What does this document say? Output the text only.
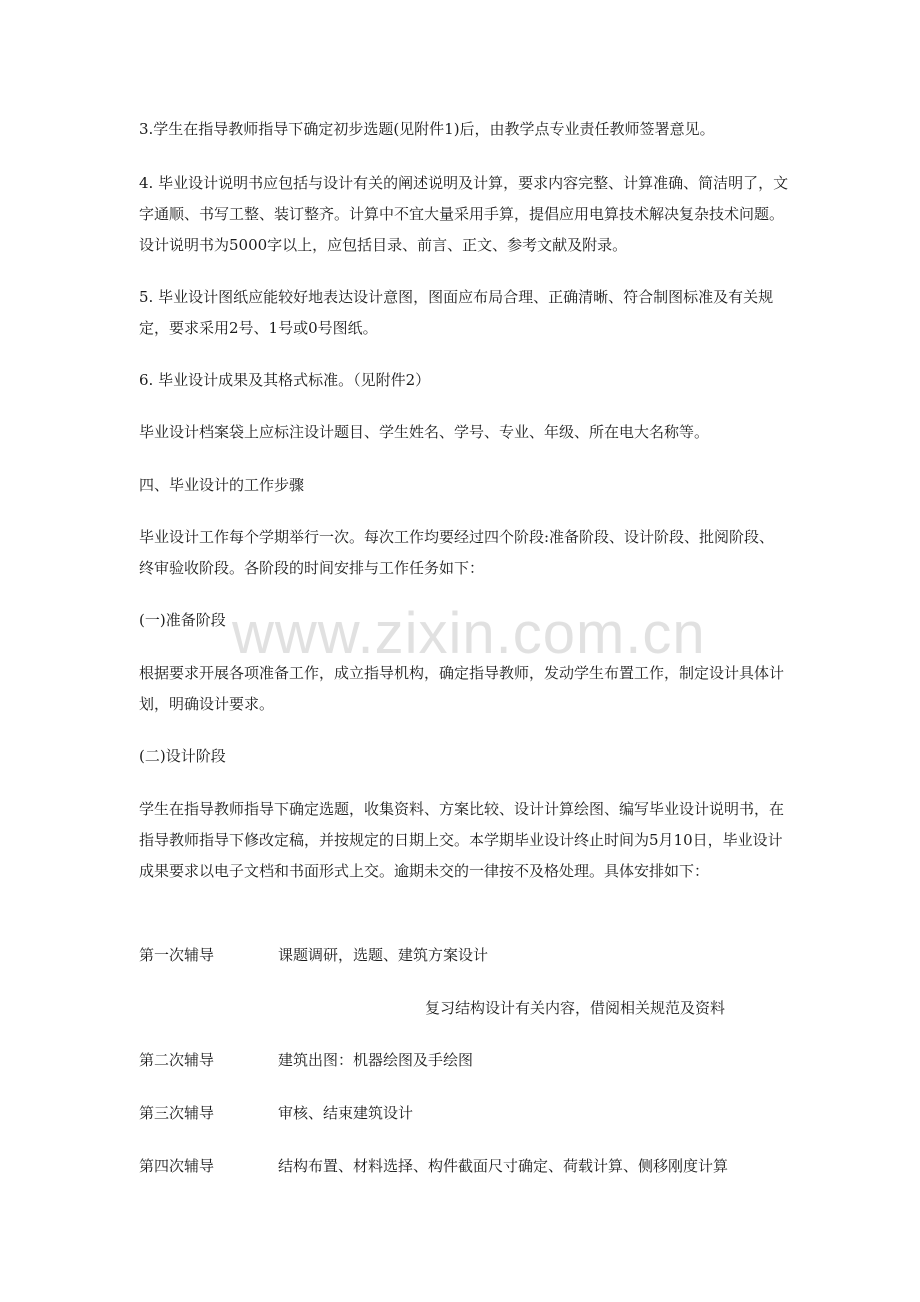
3.学生在指导教师指导下确定初步选题(见附件1)后，由教学点专业责任教师签署意见。

4. 毕业设计说明书应包括与设计有关的阐述说明及计算，要求内容完整、计算准确、简洁明了，文字通顺、书写工整、装订整齐。计算中不宜大量采用手算，提倡应用电算技术解决复杂技术问题。设计说明书为5000字以上，应包括目录、前言、正文、参考文献及附录。

5. 毕业设计图纸应能较好地表达设计意图，图面应布局合理、正确清晰、符合制图标准及有关规定，要求采用2号、1号或0号图纸。

6. 毕业设计成果及其格式标准。（见附件2）

毕业设计档案袋上应标注设计题目、学生姓名、学号、专业、年级、所在电大名称等。

四、毕业设计的工作步骤

毕业设计工作每个学期举行一次。每次工作均要经过四个阶段:准备阶段、设计阶段、批阅阶段、终审验收阶段。各阶段的时间安排与工作任务如下：

(一)准备阶段

根据要求开展各项准备工作，成立指导机构，确定指导教师，发动学生布置工作，制定设计具体计划，明确设计要求。

(二)设计阶段

学生在指导教师指导下确定选题，收集资料、方案比较、设计计算绘图、编写毕业设计说明书，在指导教师指导下修改定稿，并按规定的日期上交。本学期毕业设计终止时间为5月10日，毕业设计成果要求以电子文档和书面形式上交。逾期未交的一律按不及格处理。具体安排如下：

第一次辅导	课题调研，选题、建筑方案设计
复习结构设计有关内容，借阅相关规范及资料
第二次辅导	建筑出图：机器绘图及手绘图
第三次辅导	审核、结束建筑设计
第四次辅导	结构布置、材料选择、构件截面尺寸确定、荷载计算、侧移刚度计算
www.zixin.com.cn
